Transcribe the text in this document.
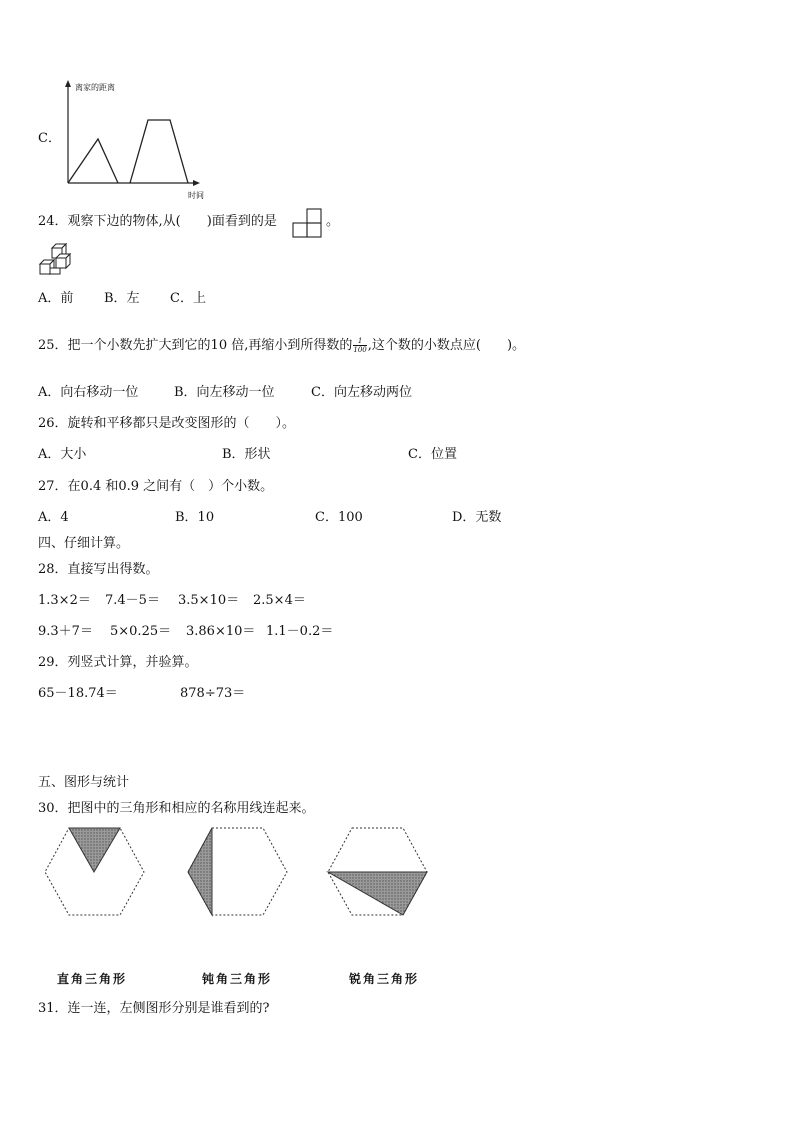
C．
离家的距离
时间
24．观察下边的物体,从(　　)面看到的是	。
A．前 B．左 C．上
25．把一个小数先扩大到它的10 倍,再缩小到所得数的 $\frac{1}{100}$ ,这个数的小数点应(　　)。
A．向右移动一位	B．向左移动一位	C．向左移动两位
26．旋转和平移都只是改变图形的（　　）。
A．大小	B．形状	C．位置
27．在0.4 和0.9 之间有（　）个小数。
A．4	B．10	C．100	D．无数
四、仔细计算。
28．直接写出得数。
1.3×2＝ 7.4－5＝ 3.5×10＝ 2.5×4＝
9.3＋7＝ 5×0.25＝ 3.86×10＝ 1.1－0.2＝
29．列竖式计算，并验算。
65－18.74＝	878÷73＝
五、图形与统计
30．把图中的三角形和相应的名称用线连起来。
直角三角形	钝角三角形	锐角三角形
31．连一连，左侧图形分别是谁看到的?
